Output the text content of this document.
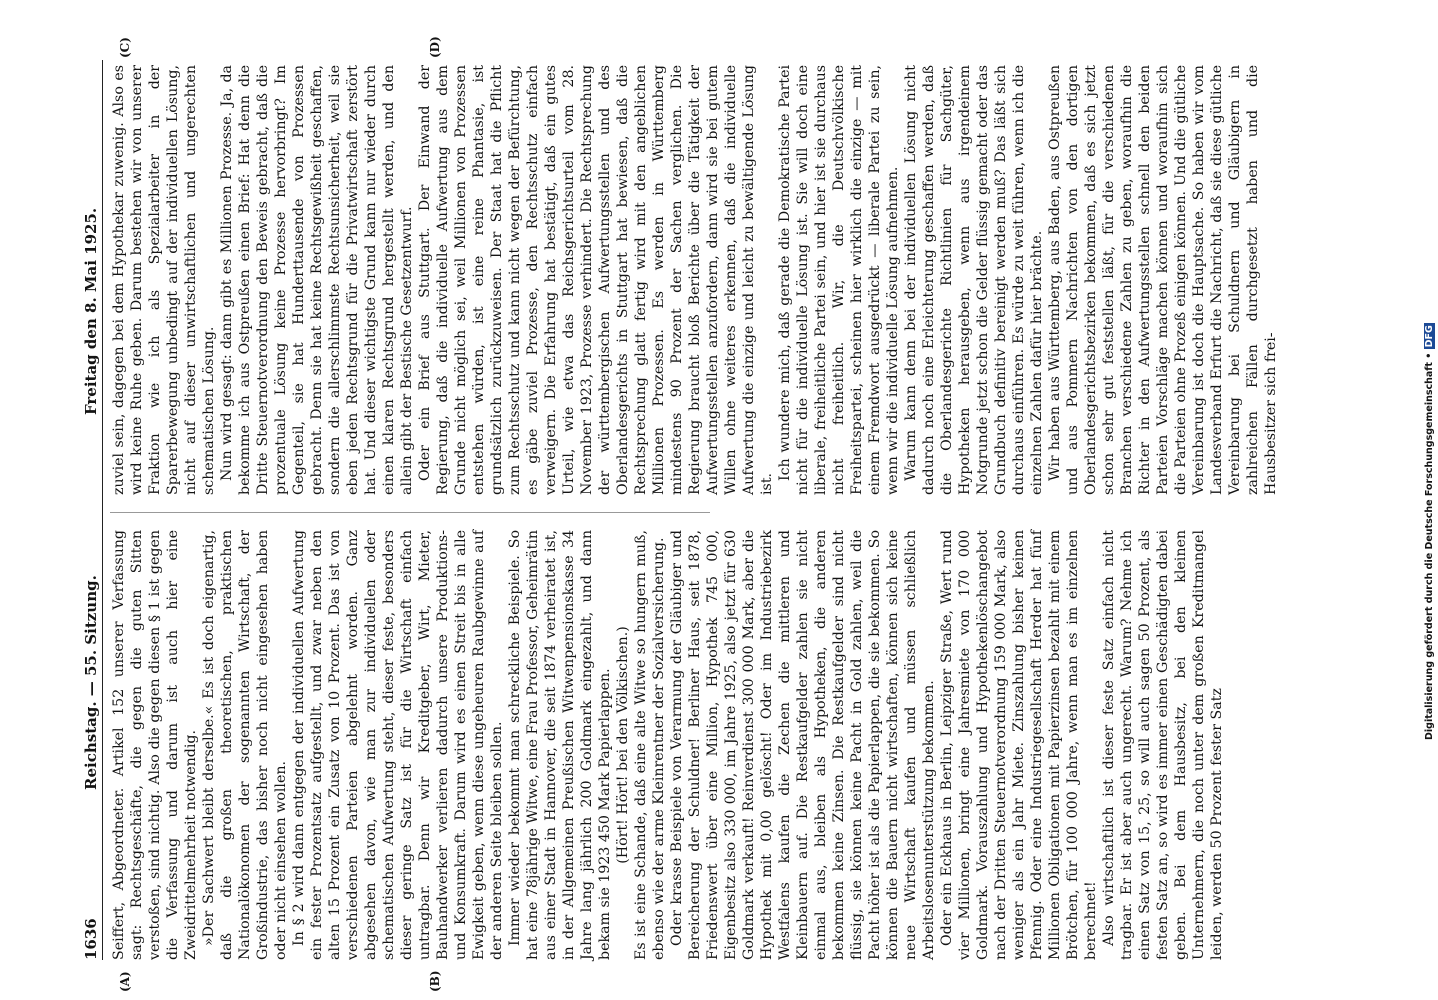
1636
Reichstag. — 55. Sitzung.
Freitag den 8. Mai 1925.
(A)	(B)
(C)	(D)

Seiffert, Abgeordneter. Artikel 152 unserer Verfassung sagt: Rechtsgeschäfte, die gegen die guten Sitten verstoßen, sind nichtig. Also die gegen diesen § 1 ist gegen die Verfassung und darum ist auch hier eine Zweidrittelmehrheit notwendig. »Der Sachwert bleibt derselbe.« Es ist doch eigenartig, daß die großen theoretischen, praktischen Nationalökonomen der sogenannten Wirtschaft, der Großindustrie, das bisher noch nicht eingesehen haben oder nicht einsehen wollen. In § 2 wird dann entgegen der individuellen Aufwertung ein fester Prozentsatz aufgestellt, und zwar neben den alten 15 Prozent ein Zusatz von 10 Prozent. Das ist von verschiedenen Parteien abgelehnt worden. Ganz abgesehen davon, wie man zur individuellen oder schematischen Aufwertung steht, dieser feste, besonders dieser geringe Satz ist für die Wirtschaft einfach untragbar. Denn wir Kreditgeber, Wirt, Mieter, Bauhandwerker verlieren dadurch unsere Produktions- und Konsumkraft. Darum wird es einen Streit bis in alle Ewigkeit geben, wenn diese ungeheuren Raubgewinne auf der anderen Seite bleiben sollen. Immer wieder bekommt man schreckliche Beispiele. So hat eine 78jährige Witwe, eine Frau Professor, Geheimrätin aus einer Stadt in Hannover, die seit 1874 verheiratet ist, in der Allgemeinen Preußischen Witwenpensionskasse 34 Jahre lang jährlich 200 Goldmark eingezahlt, und dann bekam sie 1923 450 Mark Papierlappen. (Hört! Hört! bei den Völkischen.) Es ist eine Schande, daß eine alte Witwe so hungern muß, ebenso wie der arme Kleinrentner der Sozialversicherung. Oder krasse Beispiele von Verarmung der Gläubiger und Bereicherung der Schuldner! Berliner Haus, seit 1878, Friedenswert über eine Million, Hypothek 745 000, Eigenbesitz also 330 000, im Jahre 1925, also jetzt für 630 Goldmark verkauft! Reinverdienst 300 000 Mark, aber die Hypothek mit 0,00 gelöscht! Oder im Industriebezirk Westfalens kaufen die Zechen die mittleren und Kleinbauern auf. Die Restkaufgelder zahlen sie nicht einmal aus, bleiben als Hypotheken, die anderen bekommen keine Zinsen. Die Restkaufgelder sind nicht flüssig, sie können keine Pacht in Gold zahlen, weil die Pacht höher ist als die Papierlappen, die sie bekommen. So können die Bauern nicht wirtschaften, können sich keine neue Wirtschaft kaufen und müssen schließlich Arbeitslosenunterstützung bekommen. Oder ein Eckhaus in Berlin, Leipziger Straße, Wert rund vier Millionen, bringt eine Jahresmiete von 170 000 Goldmark. Vorauszahlung und Hypothekenlöschangebot nach der Dritten Steuernotverordnung 159 000 Mark, also weniger als ein Jahr Miete. Zinszahlung bisher keinen Pfennig. Oder eine Industriegesellschaft Herder hat fünf Millionen Obligationen mit Papierzinsen bezahlt mit einem Brötchen, für 100 000 Jahre, wenn man es im einzelnen berechnet! Also wirtschaftlich ist dieser feste Satz einfach nicht tragbar. Er ist aber auch ungerecht. Warum? Nehme ich einen Satz von 15, 25, so will auch sagen 50 Prozent, als festen Satz an, so wird es immer einen Geschädigten dabei geben. Bei dem Hausbesitz, bei den kleinen Unternehmern, die noch unter dem großen Kreditmangel leiden, werden 50 Prozent fester Satz

zuviel sein, dagegen bei dem Hypothekar zuwenig. Also es wird keine Ruhe geben. Darum bestehen wir von unserer Fraktion wie ich als Spezialarbeiter in der Sparerbewegung unbedingt auf der individuellen Lösung, nicht auf dieser unwirtschaftlichen und ungerechten schematischen Lösung. Nun wird gesagt: dann gibt es Millionen Prozesse. Ja, da bekomme ich aus Ostpreußen einen Brief: Hat denn die Dritte Steuernotverordnung den Beweis gebracht, daß die prozentuale Lösung keine Prozesse hervorbringt? Im Gegenteil, sie hat Hunderttausende von Prozessen gebracht. Denn sie hat keine Rechtsgewißheit geschaffen, sondern die allerschlimmste Rechtsunsicherheit, weil sie eben jeden Rechtsgrund für die Privatwirtschaft zerstört hat. Und dieser wichtigste Grund kann nur wieder durch einen klaren Rechtsgrund hergestellt werden, und den allein gibt der Bestische Gesetzentwurf. Oder ein Brief aus Stuttgart. Der Einwand der Regierung, daß die individuelle Aufwertung aus dem Grunde nicht möglich sei, weil Millionen von Prozessen entstehen würden, ist eine reine Phantasie, ist grundsätzlich zurückzuweisen. Der Staat hat die Pflicht zum Rechtsschutz und kann nicht wegen der Befürchtung, es gäbe zuviel Prozesse, den Rechtsschutz einfach verweigern. Die Erfahrung hat bestätigt, daß ein gutes Urteil, wie etwa das Reichsgerichtsurteil vom 28. November 1923, Prozesse verhindert. Die Rechtsprechung der württembergischen Aufwertungsstellen und des Oberlandesgerichts in Stuttgart hat bewiesen, daß die Rechtsprechung glatt fertig wird mit den angeblichen Millionen Prozessen. Es werden in Württemberg mindestens 90 Prozent der Sachen verglichen. Die Regierung braucht bloß Berichte über die Tätigkeit der Aufwertungsstellen anzufordern, dann wird sie bei gutem Willen ohne weiteres erkennen, daß die individuelle Aufwertung die einzige und leicht zu bewältigende Lösung ist.

Ich wundere mich, daß gerade die Demokratische Partei nicht für die individuelle Lösung ist. Sie will doch eine liberale, freiheitliche Partei sein, und hier ist sie durchaus nicht freiheitlich. Wir, die Deutschvölkische Freiheitspartei, scheinen hier wirklich die einzige — mit einem Fremdwort ausgedrückt — liberale Partei zu sein, wenn wir die individuelle Lösung aufnehmen. Warum kann denn bei der individuellen Lösung nicht dadurch noch eine Erleichterung geschaffen werden, daß die Oberlandesgerichte Richtlinien für Sachgüter, Hypotheken herausgeben, wenn aus irgendeinem Notgrunde jetzt schon die Gelder flüssig gemacht oder das Grundbuch definitiv bereinigt werden muß? Das läßt sich durchaus einführen. Es würde zu weit führen, wenn ich die einzelnen Zahlen dafür hier brächte. Wir haben aus Württemberg, aus Baden, aus Ostpreußen und aus Pommern Nachrichten von den dortigen Oberlandesgerichtsbezirken bekommen, daß es sich jetzt schon sehr gut feststellen läßt, für die verschiedenen Branchen verschiedene Zahlen zu geben, woraufhin die Richter in den Aufwertungsstellen schnell den beiden Parteien Vorschläge machen können und woraufhin sich die Parteien ohne Prozeß einigen können. Und die gütliche Vereinbarung ist doch die Hauptsache. So haben wir vom Landesverband Erfurt die Nachricht, daß sie diese gütliche Vereinbarung bei Schuldnern und Gläubigern in zahlreichen Fällen durchgesetzt haben und die Hausbesitzer sich frei-	Digitalisierung gefördert durch die Deutsche Forschungsgemeinschaft • DFG
